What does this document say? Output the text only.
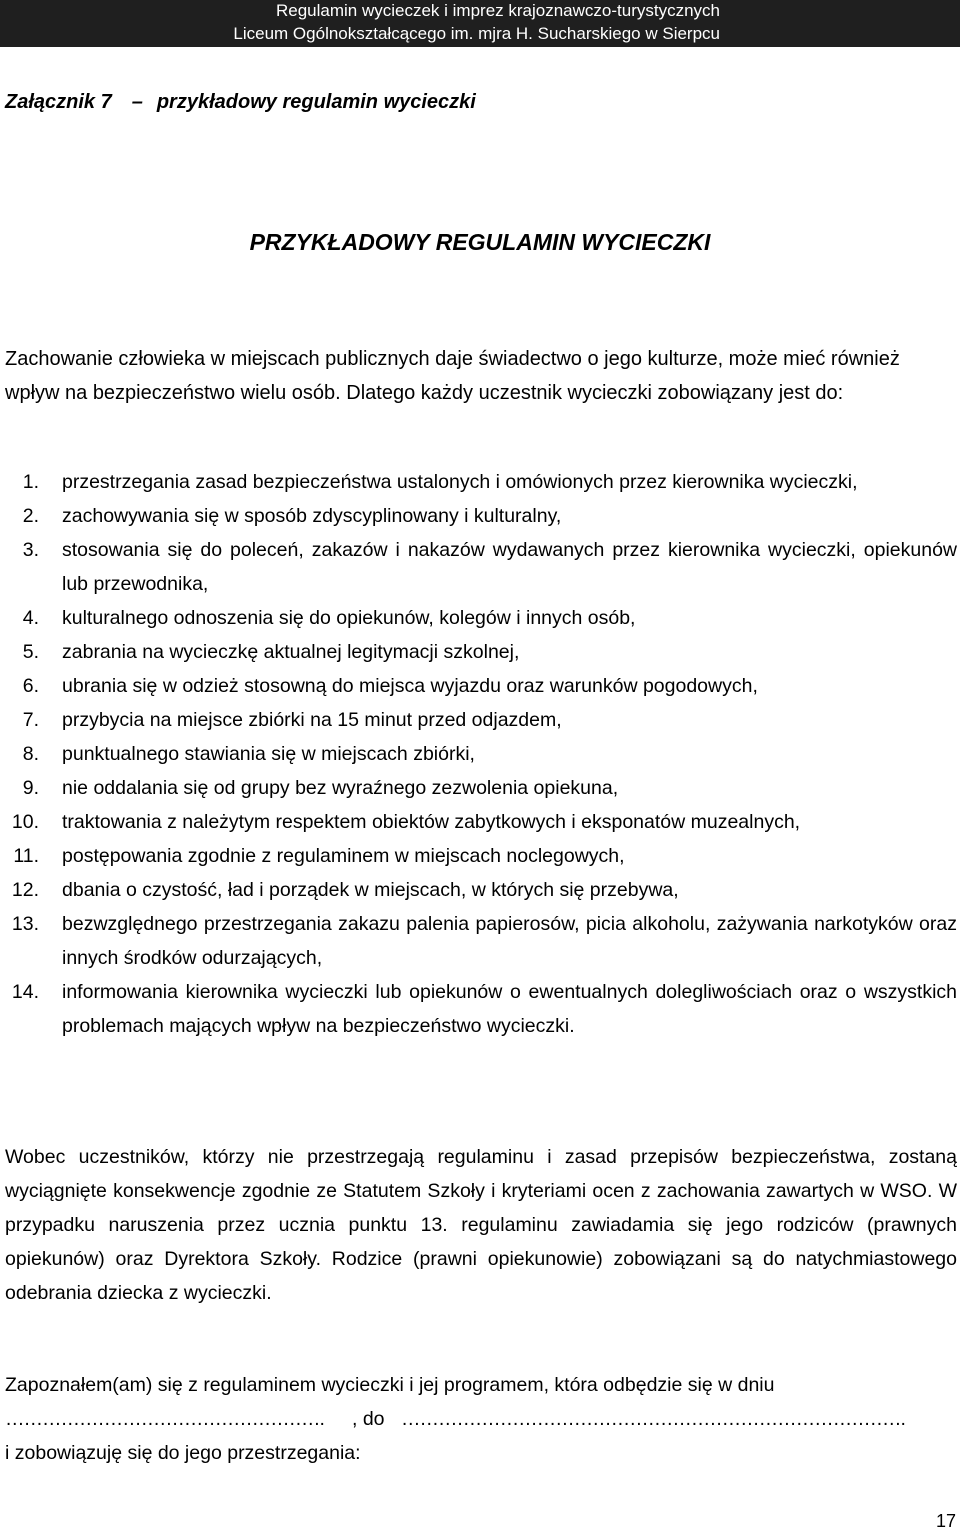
Regulamin wycieczek i imprez krajoznawczo-turystycznych
Liceum Ogólnokształcącego im. mjra H. Sucharskiego w Sierpcu
Załącznik 7 – przykładowy regulamin wycieczki
PRZYKŁADOWY REGULAMIN WYCIECZKI
Zachowanie człowieka w miejscach publicznych daje świadectwo o jego kulturze, może mieć również wpływ na bezpieczeństwo wielu osób. Dlatego każdy uczestnik wycieczki zobowiązany jest do:
1. przestrzegania zasad bezpieczeństwa ustalonych i omówionych przez kierownika wycieczki,
2. zachowywania się w sposób zdyscyplinowany i kulturalny,
3. stosowania się do poleceń, zakazów i nakazów wydawanych przez kierownika wycieczki, opiekunów lub przewodnika,
4. kulturalnego odnoszenia się do opiekunów, kolegów i innych osób,
5. zabrania na wycieczkę aktualnej legitymacji szkolnej,
6. ubrania się w odzież stosowną do miejsca wyjazdu oraz warunków pogodowych,
7. przybycia na miejsce zbiórki na 15 minut przed odjazdem,
8. punktualnego stawiania się w miejscach zbiórki,
9. nie oddalania się od grupy bez wyraźnego zezwolenia opiekuna,
10. traktowania z należytym respektem obiektów zabytkowych i eksponatów muzealnych,
11. postępowania zgodnie z regulaminem w miejscach noclegowych,
12. dbania o czystość, ład i porządek w miejscach, w których się przebywa,
13. bezwzględnego przestrzegania zakazu palenia papierosów, picia alkoholu, zażywania narkotyków oraz innych środków odurzających,
14. informowania kierownika wycieczki lub opiekunów o ewentualnych dolegliwościach oraz o wszystkich problemach mających wpływ na bezpieczeństwo wycieczki.
Wobec uczestników, którzy nie przestrzegają regulaminu i zasad przepisów bezpieczeństwa, zostaną wyciągnięte konsekwencje zgodnie ze Statutem Szkoły i kryteriami ocen z zachowania zawartych w WSO. W przypadku naruszenia przez ucznia punktu 13. regulaminu zawiadamia się jego rodziców (prawnych opiekunów) oraz Dyrektora Szkoły. Rodzice (prawni opiekunowie) zobowiązani są do natychmiastowego odebrania dziecka z wycieczki.
Zapoznałem(am) się z regulaminem wycieczki i jej programem, która odbędzie się w dniu
……………………………………………. , do ……………………………………………………………………….
i zobowiązuję się do jego przestrzegania:
17
